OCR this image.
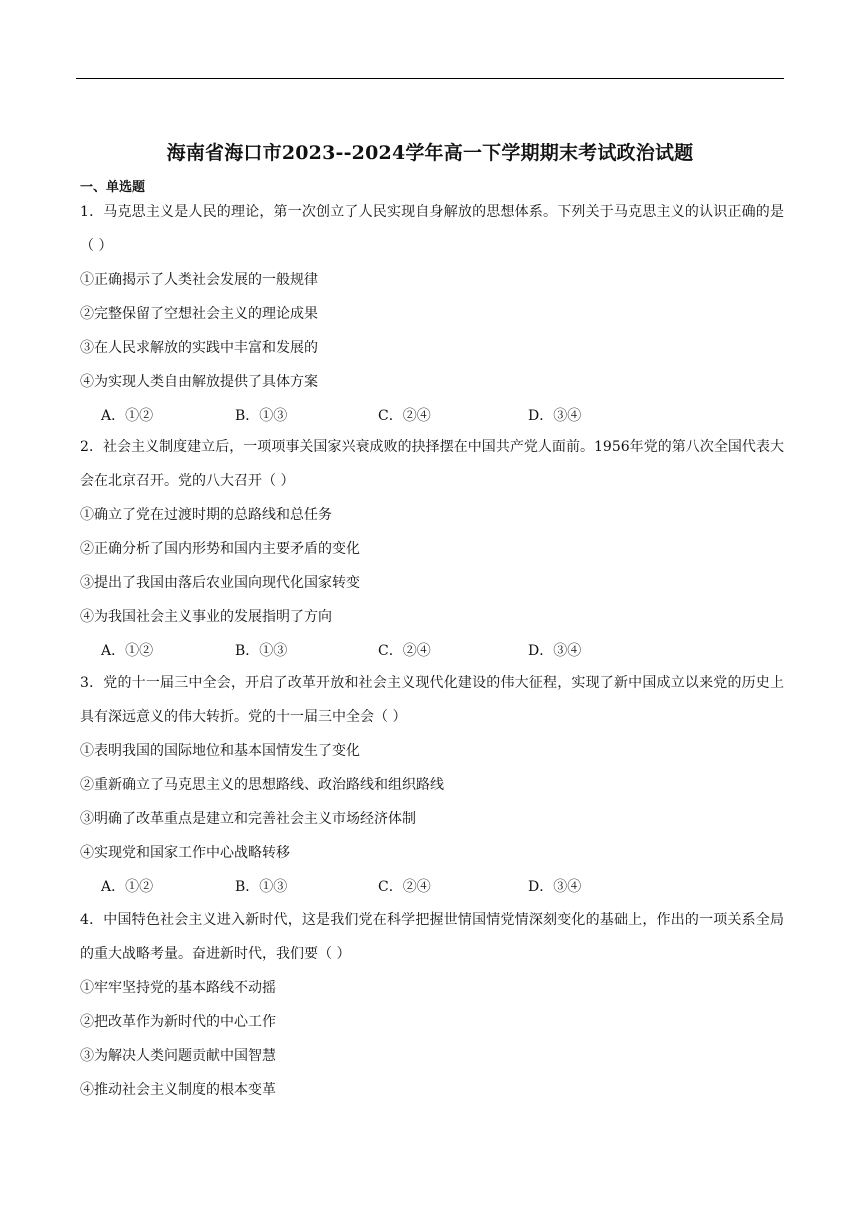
海南省海口市2023--2024学年高一下学期期末考试政治试题
一、单选题

1．马克思主义是人民的理论，第一次创立了人民实现自身解放的思想体系。下列关于马克思主义的认识正确的是（ ）

①正确揭示了人类社会发展的一般规律

②完整保留了空想社会主义的理论成果

③在人民求解放的实践中丰富和发展的

④为实现人类自由解放提供了具体方案

A．①②	B．①③	C．②④	D．③④

2．社会主义制度建立后，一项项事关国家兴衰成败的抉择摆在中国共产党人面前。1956年党的第八次全国代表大会在北京召开。党的八大召开（ ）

①确立了党在过渡时期的总路线和总任务

②正确分析了国内形势和国内主要矛盾的变化

③提出了我国由落后农业国向现代化国家转变

④为我国社会主义事业的发展指明了方向

A．①②	B．①③	C．②④	D．③④

3．党的十一届三中全会，开启了改革开放和社会主义现代化建设的伟大征程，实现了新中国成立以来党的历史上具有深远意义的伟大转折。党的十一届三中全会（ ）

①表明我国的国际地位和基本国情发生了变化

②重新确立了马克思主义的思想路线、政治路线和组织路线

③明确了改革重点是建立和完善社会主义市场经济体制

④实现党和国家工作中心战略转移

A．①②	B．①③	C．②④	D．③④

4．中国特色社会主义进入新时代，这是我们党在科学把握世情国情党情深刻变化的基础上，作出的一项关系全局的重大战略考量。奋进新时代，我们要（ ）

①牢牢坚持党的基本路线不动摇

②把改革作为新时代的中心工作

③为解决人类问题贡献中国智慧

④推动社会主义制度的根本变革
